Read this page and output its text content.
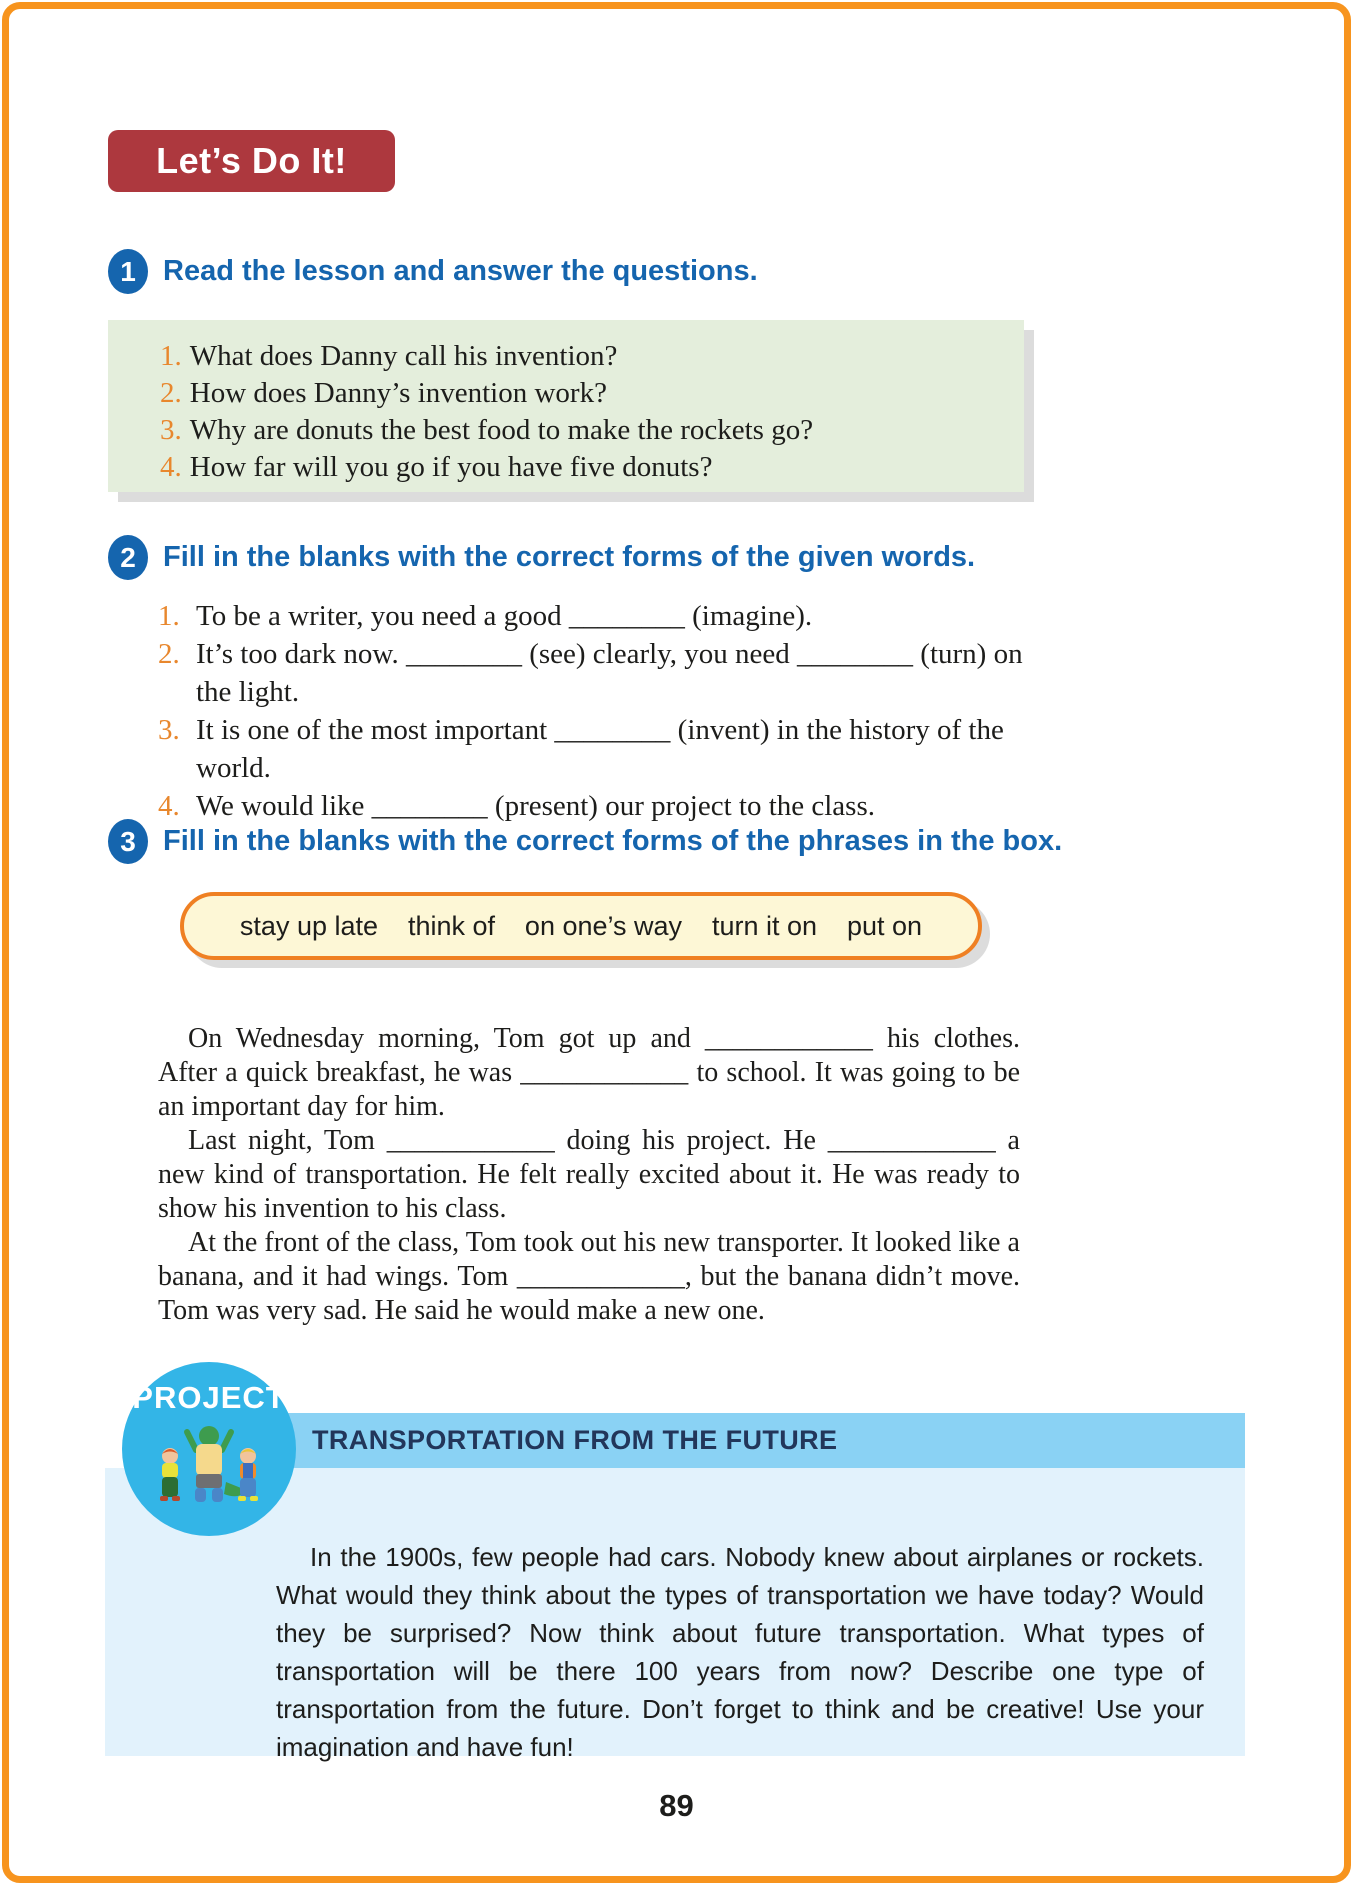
Let’s Do It!
1 Read the lesson and answer the questions.
1. What does Danny call his invention?
2. How does Danny’s invention work?
3. Why are donuts the best food to make the rockets go?
4. How far will you go if you have five donuts?
2 Fill in the blanks with the correct forms of the given words.
1. To be a writer, you need a good ________ (imagine).
2. It’s too dark now. ________ (see) clearly, you need ________ (turn) on the light.
3. It is one of the most important ________ (invent) in the history of the world.
4. We would like ________ (present) our project to the class.
3 Fill in the blanks with the correct forms of the phrases in the box.
stay up late think of on one’s way turn it on put on

On Wednesday morning, Tom got up and ____________ his clothes. After a quick breakfast, he was ____________ to school. It was going to be an important day for him.

Last night, Tom ____________ doing his project. He ____________ a new kind of transportation. He felt really excited about it. He was ready to show his invention to his class.

At the front of the class, Tom took out his new transporter. It looked like a banana, and it had wings. Tom ____________, but the banana didn’t move. Tom was very sad. He said he would make a new one.

TRANSPORTATION FROM THE FUTURE
PROJECT
In the 1900s, few people had cars. Nobody knew about airplanes or rockets. What would they think about the types of transportation we have today? Would they be surprised? Now think about future transportation. What types of transportation will be there 100 years from now? Describe one type of transportation from the future. Don’t forget to think and be creative! Use your imagination and have fun!
89
